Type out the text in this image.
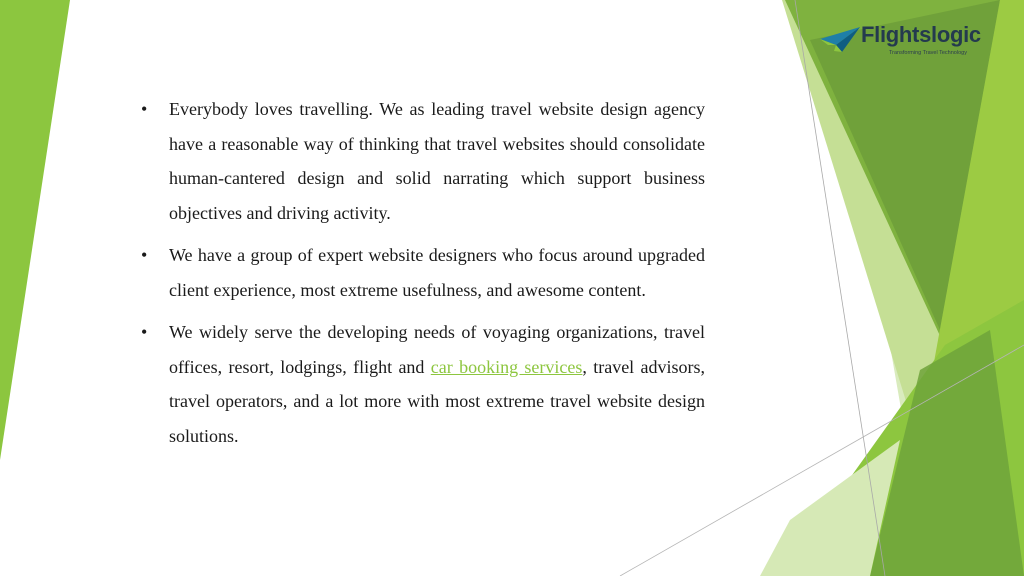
Flightslogic
Transforming Travel Technology
• Everybody loves travelling. We as leading travel website design agency have a reasonable way of thinking that travel websites should consolidate human-cantered design and solid narrating which support business objectives and driving activity.
• We have a group of expert website designers who focus around upgraded client experience, most extreme usefulness, and awesome content.
• We widely serve the developing needs of voyaging organizations, travel offices, resort, lodgings, flight and car booking services, travel advisors, travel operators, and a lot more with most extreme travel website design solutions.
